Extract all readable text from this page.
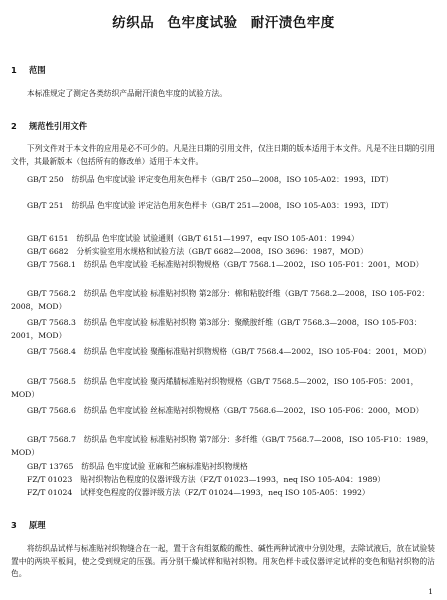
纺织品 色牢度试验 耐汗渍色牢度
1 范围
本标准规定了测定各类纺织产品耐汗渍色牢度的试验方法。
2 规范性引用文件
下列文件对于本文件的应用是必不可少的。凡是注日期的引用文件，仅注日期的版本适用于本文件。凡是不注日期的引用文件，其最新版本（包括所有的修改单）适用于本文件。
GB/T 250 纺织品 色牢度试验 评定变色用灰色样卡（GB/T 250—2008，ISO 105-A02：1993，IDT）
GB/T 251 纺织品 色牢度试验 评定沾色用灰色样卡（GB/T 251—2008，ISO 105-A03：1993，IDT）
GB/T 6151 纺织品 色牢度试验 试验通则（GB/T 6151—1997，eqv ISO 105-A01：1994）
GB/T 6682 分析实验室用水规格和试验方法（GB/T 6682—2008，ISO 3696：1987，MOD）
GB/T 7568.1 纺织品 色牢度试验 毛标准贴衬织物规格（GB/T 7568.1—2002，ISO 105-F01：2001，MOD）
GB/T 7568.2 纺织品 色牢度试验 标准贴衬织物 第2部分：棉和粘胶纤维（GB/T 7568.2—2008，ISO 105-F02：2008，MOD）
GB/T 7568.3 纺织品 色牢度试验 标准贴衬织物 第3部分：聚酰胺纤维（GB/T 7568.3—2008，ISO 105-F03：2001，MOD）
GB/T 7568.4 纺织品 色牢度试验 聚酯标准贴衬织物规格（GB/T 7568.4—2002，ISO 105-F04：2001，MOD）
GB/T 7568.5 纺织品 色牢度试验 聚丙烯腈标准贴衬织物规格（GB/T 7568.5—2002，ISO 105-F05：2001，MOD）
GB/T 7568.6 纺织品 色牢度试验 丝标准贴衬织物规格（GB/T 7568.6—2002，ISO 105-F06：2000，MOD）
GB/T 7568.7 纺织品 色牢度试验 标准贴衬织物 第7部分：多纤维（GB/T 7568.7—2008，ISO 105-F10：1989，MOD）
GB/T 13765 纺织品 色牢度试验 亚麻和苎麻标准贴衬织物规格
FZ/T 01023 贴衬织物沾色程度的仪器评级方法（FZ/T 01023—1993，neq ISO 105-A04：1989）
FZ/T 01024 试样变色程度的仪器评级方法（FZ/T 01024—1993，neq ISO 105-A05：1992）
3 原理
将纺织品试样与标准贴衬织物缝合在一起，置于含有组氨酸的酸性、碱性两种试液中分别处理，去除试液后，放在试验装置中的两块平板间，使之受到规定的压强。再分别干燥试样和贴衬织物。用灰色样卡或仪器评定试样的变色和贴衬织物的沾色。
1
